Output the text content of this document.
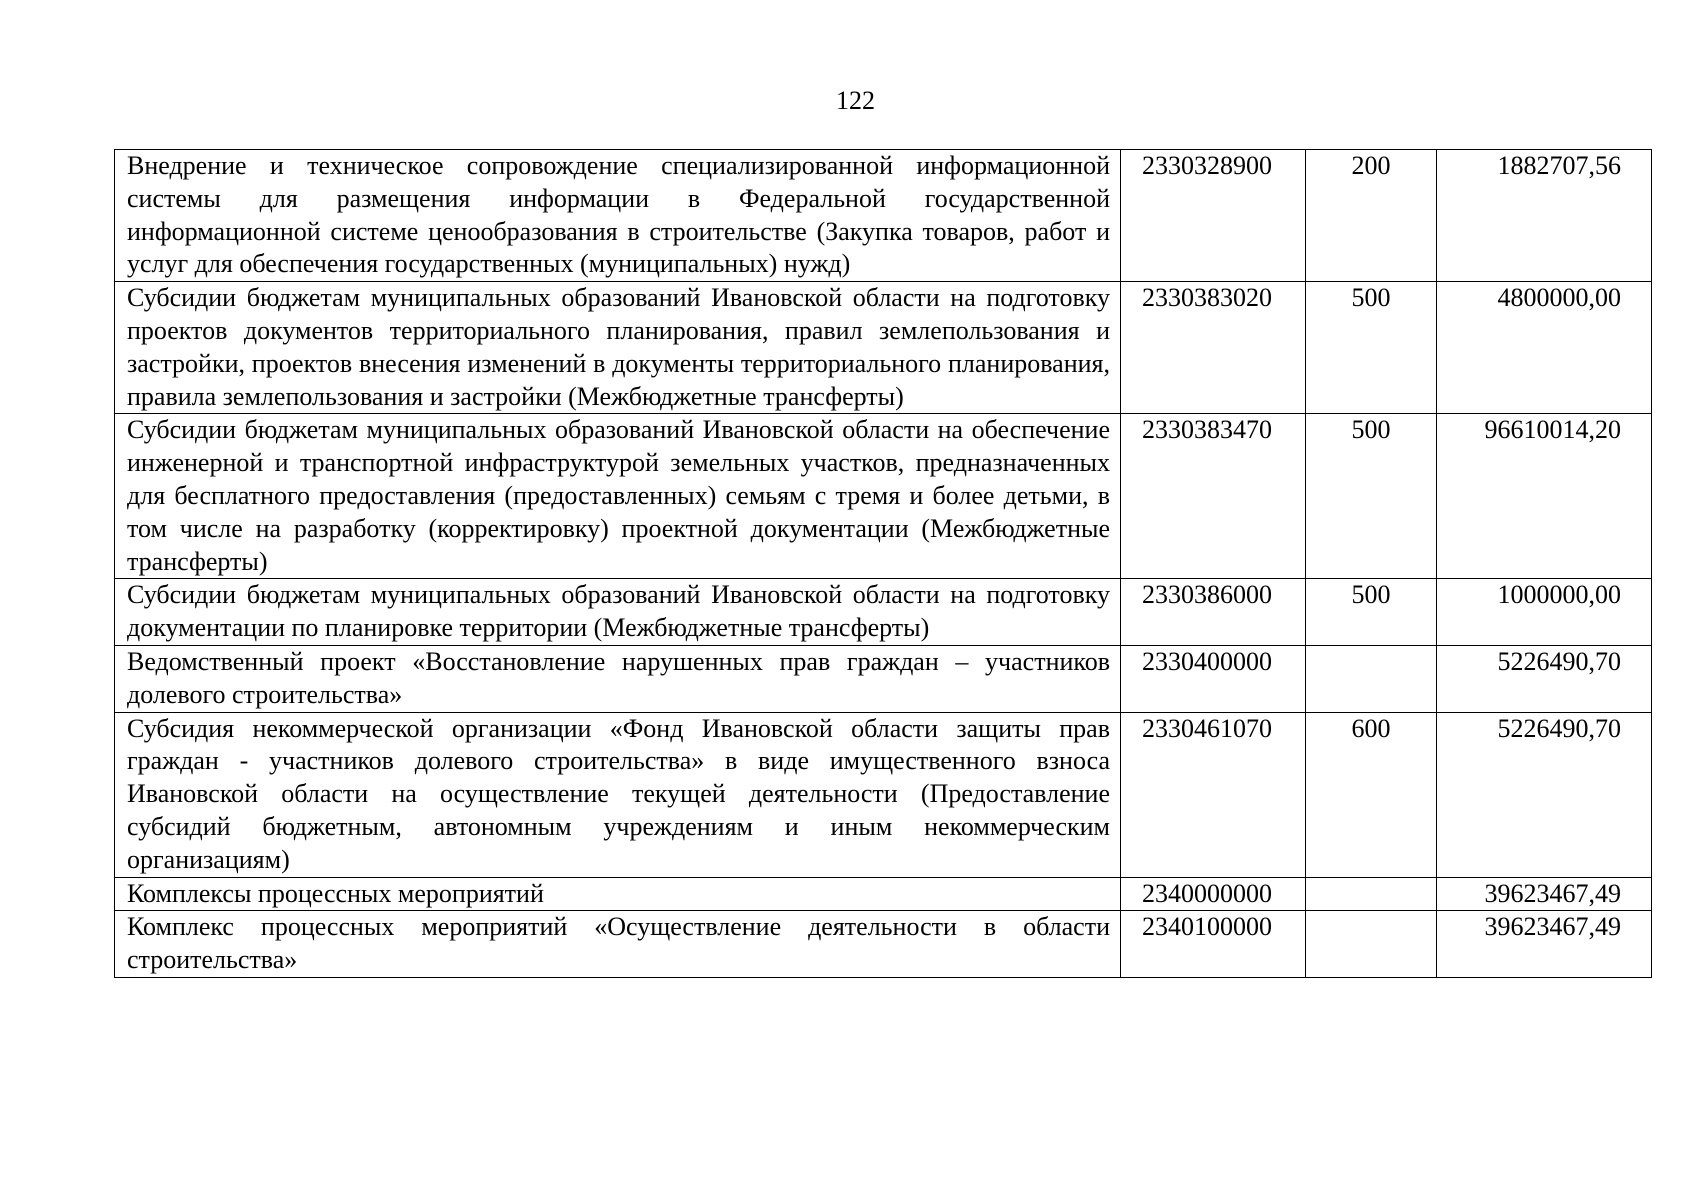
122
Внедрение и техническое сопровождение специализированной информационной системы для размещения информации в Федеральной государственной информационной системе ценообразования в строительстве (Закупка товаров, работ и услуг для обеспечения государственных (муниципальных) нужд)	2330328900	200	1882707,56
Субсидии бюджетам муниципальных образований Ивановской области на подготовку проектов документов территориального планирования, правил землепользования и застройки, проектов внесения изменений в документы территориального планирования, правила землепользования и застройки (Межбюджетные трансферты)	2330383020	500	4800000,00
Субсидии бюджетам муниципальных образований Ивановской области на обеспечение инженерной и транспортной инфраструктурой земельных участков, предназначенных для бесплатного предоставления (предоставленных) семьям с тремя и более детьми, в том числе на разработку (корректировку) проектной документации (Межбюджетные трансферты)	2330383470	500	96610014,20
Субсидии бюджетам муниципальных образований Ивановской области на подготовку документации по планировке территории (Межбюджетные трансферты)	2330386000	500	1000000,00
Ведомственный проект «Восстановление нарушенных прав граждан – участников долевого строительства»	2330400000		5226490,70
Субсидия некоммерческой организации «Фонд Ивановской области защиты прав граждан - участников долевого строительства» в виде имущественного взноса Ивановской области на осуществление текущей деятельности (Предоставление субсидий бюджетным, автономным учреждениям и иным некоммерческим организациям)	2330461070	600	5226490,70
Комплексы процессных мероприятий	2340000000		39623467,49
Комплекс процессных мероприятий «Осуществление деятельности в области строительства»	2340100000		39623467,49
